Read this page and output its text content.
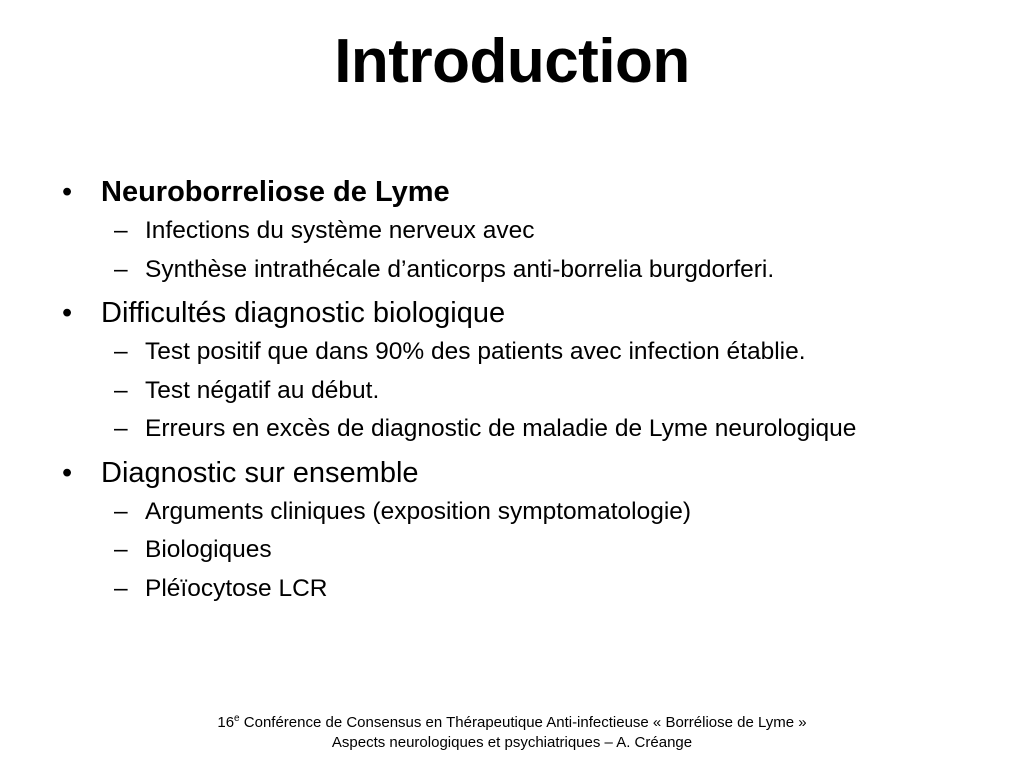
Introduction
• Neuroborreliose de Lyme
– Infections du système nerveux avec
– Synthèse intrathécale d’anticorps anti-borrelia burgdorferi.
• Difficultés diagnostic biologique
– Test positif que dans 90% des patients avec infection établie.
– Test négatif au début.
– Erreurs en excès de diagnostic de maladie de Lyme neurologique
• Diagnostic sur ensemble
– Arguments cliniques (exposition symptomatologie)
– Biologiques
– Pléïocytose LCR
16e Conférence de Consensus en Thérapeutique Anti-infectieuse « Borréliose de Lyme »
Aspects neurologiques et psychiatriques – A. Créange
